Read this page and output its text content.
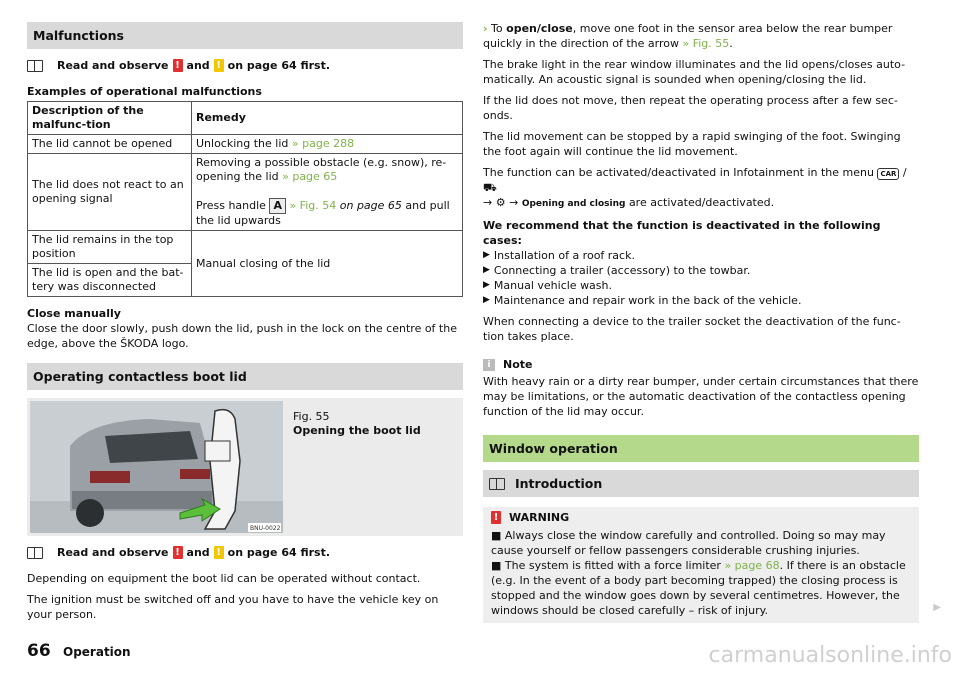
Malfunctions
Read and observe ! and ! on page 64 first.

Examples of operational malfunctions

Description of the malfunc-tion	Remedy
The lid cannot be opened	Unlocking the lid » page 288
The lid does not react to an opening signal	Removing a possible obstacle (e.g. snow), re-opening the lid » page 65
Press handle A » Fig. 54 on page 65 and pull the lid upwards

The lid remains in the top position	Manual closing of the lid
The lid is open and the bat-tery was disconnected	

Close manually

Close the door slowly, push down the lid, push in the lock on the centre of the edge, above the ŠKODA logo.

Operating contactless boot lid
BNU-0022
Fig. 55
Opening the boot lid
Read and observe ! and ! on page 64 first.

Depending on equipment the boot lid can be operated without contact.

The ignition must be switched off and you have to have the vehicle key on your person.

› To open/close, move one foot in the sensor area below the rear bumper quickly in the direction of the arrow » Fig. 55.

The brake light in the rear window illuminates and the lid opens/closes auto-matically. An acoustic signal is sounded when opening/closing the lid.

If the lid does not move, then repeat the operating process after a few sec-onds.

The lid movement can be stopped by a rapid swinging of the foot. Swinging the foot again will continue the lid movement.

The function can be activated/deactivated in Infotainment in the menu CAR / ⛟
→ ⚙ → Opening and closing are activated/deactivated.

We recommend that the function is deactivated in the following cases:

▶ Installation of a roof rack.
▶ Connecting a trailer (accessory) to the towbar.
▶ Manual vehicle wash.
▶ Maintenance and repair work in the back of the vehicle.

When connecting a device to the trailer socket the deactivation of the func-tion takes place.

i	Note

With heavy rain or a dirty rear bumper, under certain circumstances that there may be limitations, or the automatic deactivation of the contactless opening function of the lid may occur.

Window operation
Introduction
! WARNING

■ Always close the window carefully and controlled. Doing so may may cause yourself or fellow passengers considerable crushing injuries.

■ The system is fitted with a force limiter » page 68. If there is an obstacle (e.g. In the event of a body part becoming trapped) the closing process is stopped and the window goes down by several centimetres. However, the windows should be closed carefully – risk of injury.	▶
66 Operation	carmanualsonline.info
